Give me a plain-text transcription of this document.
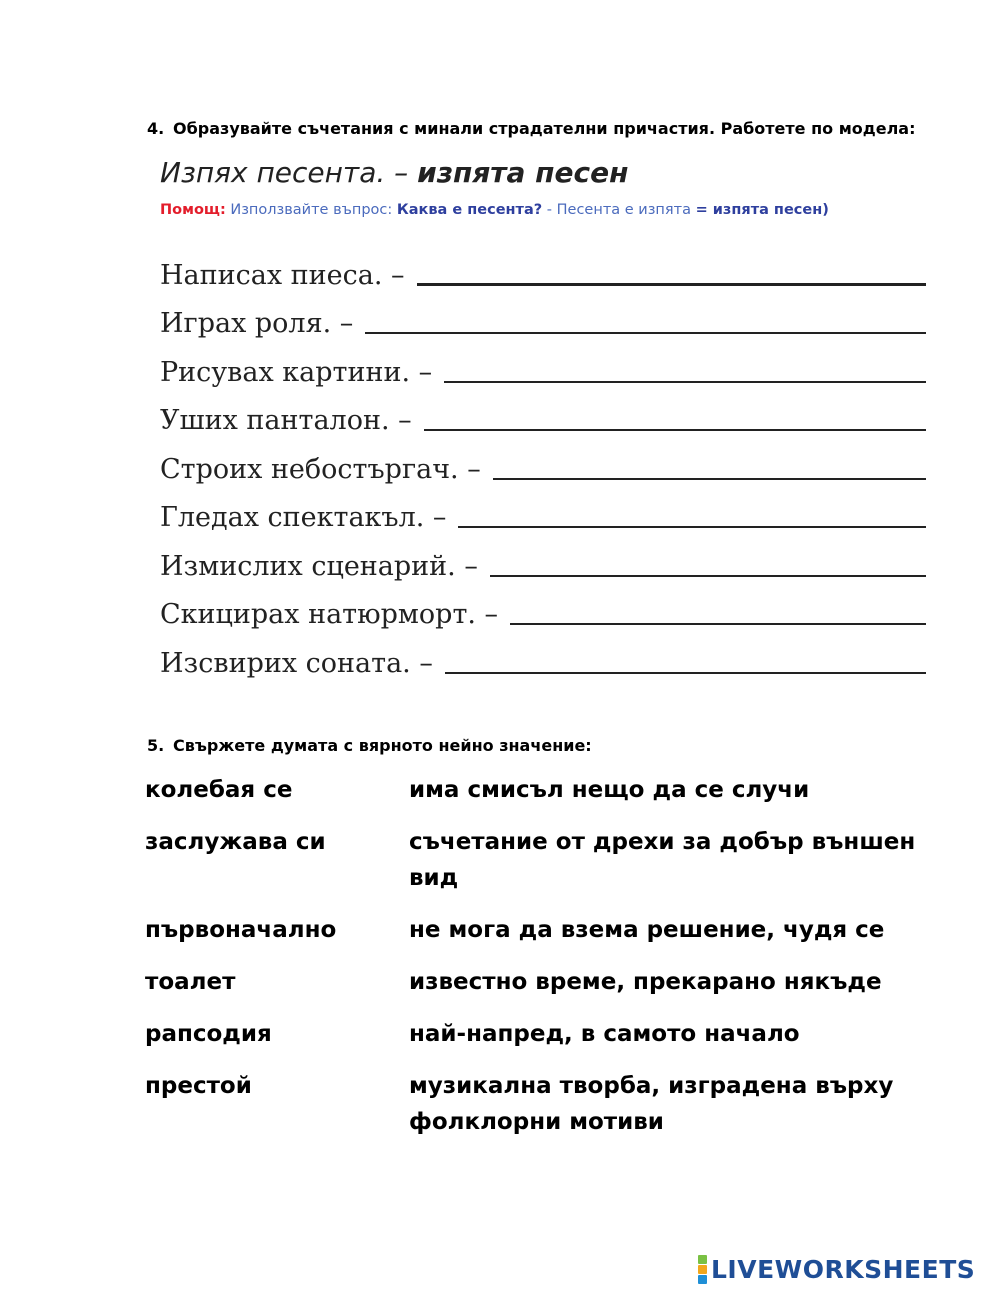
4. Образувайте съчетания с минали страдателни причастия. Работете по модела:
Изпях песента. – изпята песен
Помощ: Използвайте въпрос: Каква е песента? - Песента е изпята = изпята песен)
Написах пиеса. –
Играх роля. –
Рисувах картини. –
Уших панталон. –
Строих небостъргач. –
Гледах спектакъл. –
Измислих сценарий. –
Скицирах натюрморт. –
Изсвирих соната. –
5. Свържете думата с вярното нейно значение:
колебая се	има смисъл нещо да се случи
заслужава си	съчетание от дрехи за добър външен вид
първоначално	не мога да взема решение, чудя се
тоалет	известно време, прекарано някъде
рапсодия	най-напред, в самото начало
престой	музикална творба, изградена върху фолклорни мотиви
LIVEWORKSHEETS
